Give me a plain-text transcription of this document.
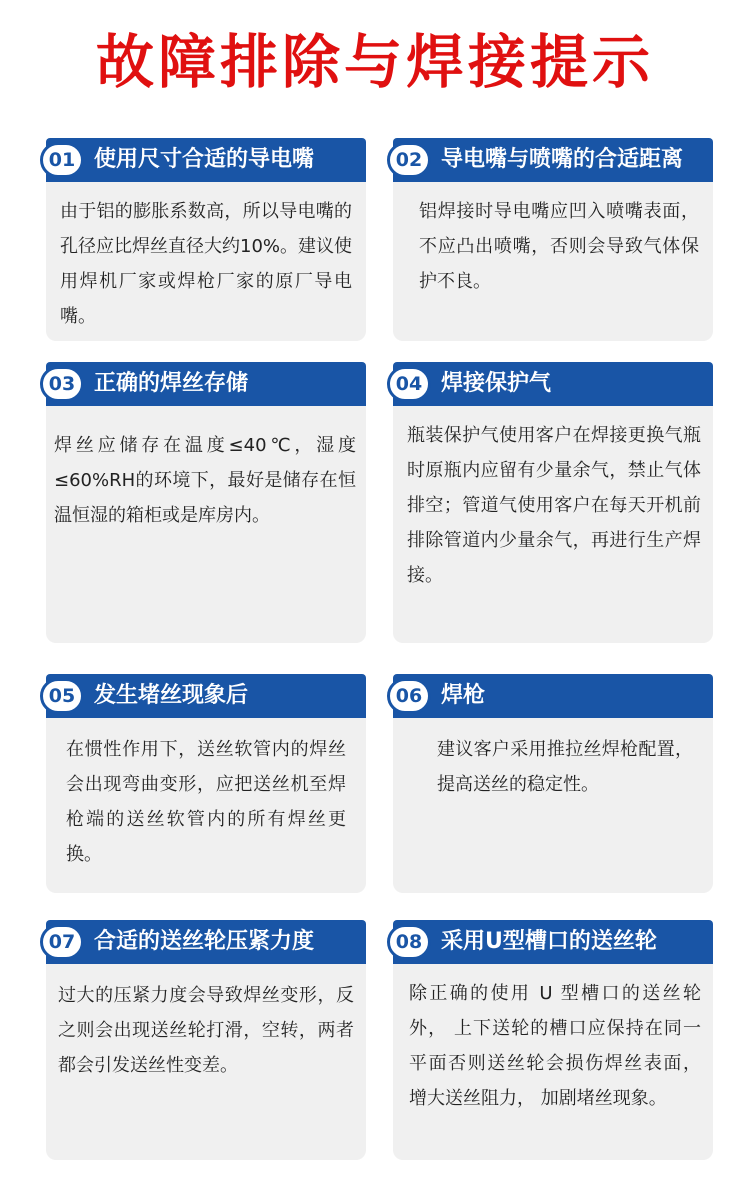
故障排除与焊接提示
01 使用尺寸合适的导电嘴
由于铝的膨胀系数高，所以导电嘴的孔径应比焊丝直径大约10%。建议使用焊机厂家或焊枪厂家的原厂导电嘴。
02 导电嘴与喷嘴的合适距离
铝焊接时导电嘴应凹入喷嘴表面，不应凸出喷嘴，否则会导致气体保护不良。
03 正确的焊丝存储
焊丝应储存在温度≤40℃，湿度≤60%RH的环境下，最好是储存在恒温恒湿的箱柜或是库房内。
04 焊接保护气
瓶装保护气使用客户在焊接更换气瓶时原瓶内应留有少量余气，禁止气体排空；管道气使用客户在每天开机前排除管道内少量余气，再进行生产焊接。
05 发生堵丝现象后
在惯性作用下，送丝软管内的焊丝会出现弯曲变形，应把送丝机至焊枪端的送丝软管内的所有焊丝更换。
06 焊枪
建议客户采用推拉丝焊枪配置，提高送丝的稳定性。
07 合适的送丝轮压紧力度
过大的压紧力度会导致焊丝变形，反之则会出现送丝轮打滑，空转，两者都会引发送丝性变差。
08 采用U型槽口的送丝轮
除正确的使用 U 型槽口的送丝轮外， 上下送轮的槽口应保持在同一平面否则送丝轮会损伤焊丝表面， 增大送丝阻力， 加剧堵丝现象。
